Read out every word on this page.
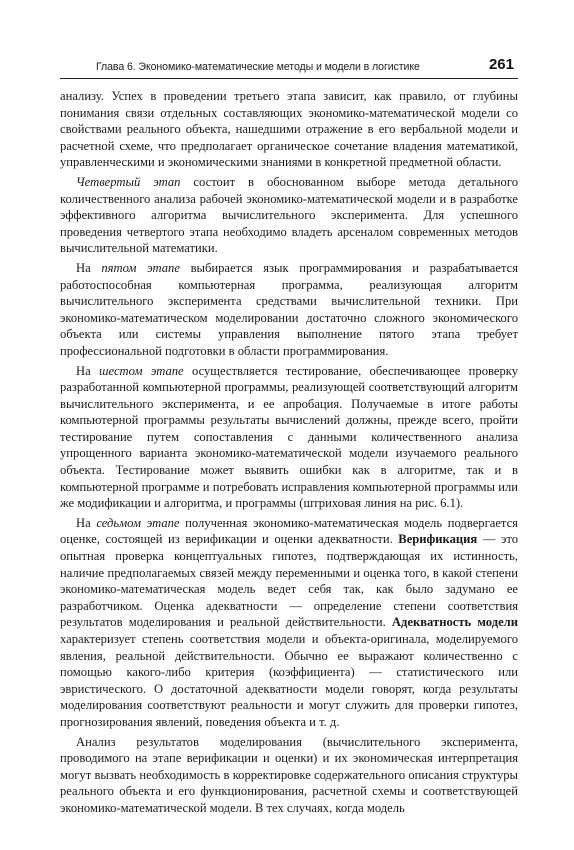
Глава 6. Экономико-математические методы и модели в логистике	261

анализу. Успех в проведении третьего этапа зависит, как правило, от глубины понимания связи отдельных составляющих экономико-математической модели со свойствами реального объекта, нашедшими отражение в его вербальной модели и расчетной схеме, что предполагает органическое сочетание владения математикой, управленческими и экономическими знаниями в конкретной предметной области.

Четвертый этап состоит в обоснованном выборе метода детального количественного анализа рабочей экономико-математической модели и в разработке эффективного алгоритма вычислительного эксперимента. Для успешного проведения четвертого этапа необходимо владеть арсеналом современных методов вычислительной математики.

На пятом этапе выбирается язык программирования и разрабатывается работоспособная компьютерная программа, реализующая алгоритм вычислительного эксперимента средствами вычислительной техники. При экономико-математическом моделировании достаточно сложного экономического объекта или системы управления выполнение пятого этапа требует профессиональной подготовки в области программирования.

На шестом этапе осуществляется тестирование, обеспечивающее проверку разработанной компьютерной программы, реализующей соответствующий алгоритм вычислительного эксперимента, и ее апробация. Получаемые в итоге работы компьютерной программы результаты вычислений должны, прежде всего, пройти тестирование путем сопоставления с данными количественного анализа упрощенного варианта экономико-математической модели изучаемого реального объекта. Тестирование может выявить ошибки как в алгоритме, так и в компьютерной программе и потребовать исправления компьютерной программы или же модификации и алгоритма, и программы (штриховая линия на рис. 6.1).

На седьмом этапе полученная экономико-математическая модель подвергается оценке, состоящей из верификации и оценки адекватности. Верификация — это опытная проверка концептуальных гипотез, подтверждающая их истинность, наличие предполагаемых связей между переменными и оценка того, в какой степени экономико-математическая модель ведет себя так, как было задумано ее разработчиком. Оценка адекватности — определение степени соответствия результатов моделирования и реальной действительности. Адекватность модели характеризует степень соответствия модели и объекта-оригинала, моделируемого явления, реальной действительности. Обычно ее выражают количественно с помощью какого-либо критерия (коэффициента) — статистического или эвристического. О достаточной адекватности модели говорят, когда результаты моделирования соответствуют реальности и могут служить для проверки гипотез, прогнозирования явлений, поведения объекта и т. д.

Анализ результатов моделирования (вычислительного эксперимента, проводимого на этапе верификации и оценки) и их экономическая интерпретация могут вызвать необходимость в корректировке содержательного описания структуры реального объекта и его функционирования, расчетной схемы и соответствующей экономико-математической модели. В тех случаях, когда модель
